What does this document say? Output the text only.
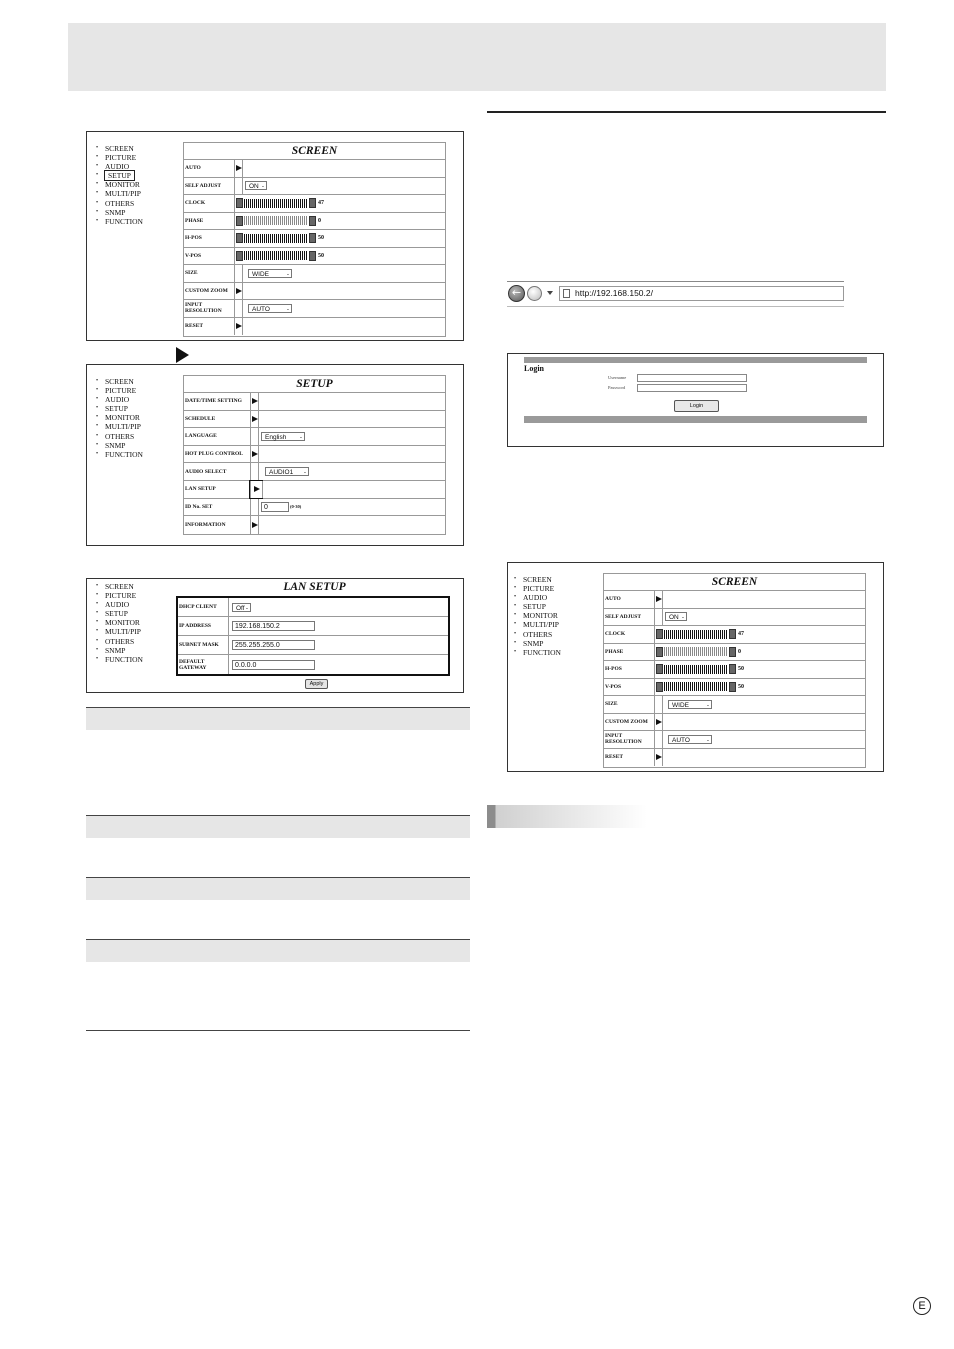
• SCREEN
• PICTURE
• AUDIO
• SETUP
• MONITOR
• MULTI/PIP
• OTHERS
• SNMP
• FUNCTION
SCREEN
AUTO
SELF ADJUST	ON -
CLOCK	47
PHASE	0
H-POS	50
V-POS	50
SIZE	WIDE -
CUSTOM ZOOM
INPUT
RESOLUTION	AUTO -
RESET
• SCREEN
• PICTURE
• AUDIO
• SETUP
• MONITOR
• MULTI/PIP
• OTHERS
• SNMP
• FUNCTION
SETUP
DATE/TIME SETTING
SCHEDULE
LANGUAGE	English -
HOT PLUG CONTROL
AUDIO SELECT	AUDIO1 -
LAN SETUP
ID No. SET	0	(0-30)
INFORMATION
• SCREEN
• PICTURE
• AUDIO
• SETUP
• MONITOR
• MULTI/PIP
• OTHERS
• SNMP
• FUNCTION
LAN SETUP
DHCP CLIENT	Off -
IP ADDRESS	192.168.150.2
SUBNET MASK	255.255.255.0
DEFAULT
GATEWAY	0.0.0.0
Apply
←	http://192.168.150.2/
Login
Username
Password
Login
• SCREEN
• PICTURE
• AUDIO
• SETUP
• MONITOR
• MULTI/PIP
• OTHERS
• SNMP
• FUNCTION
SCREEN
AUTO
SELF ADJUST	ON -
CLOCK	47
PHASE	0
H-POS	50
V-POS	50
SIZE	WIDE -
CUSTOM ZOOM
INPUT
RESOLUTION	AUTO -
RESET
E
